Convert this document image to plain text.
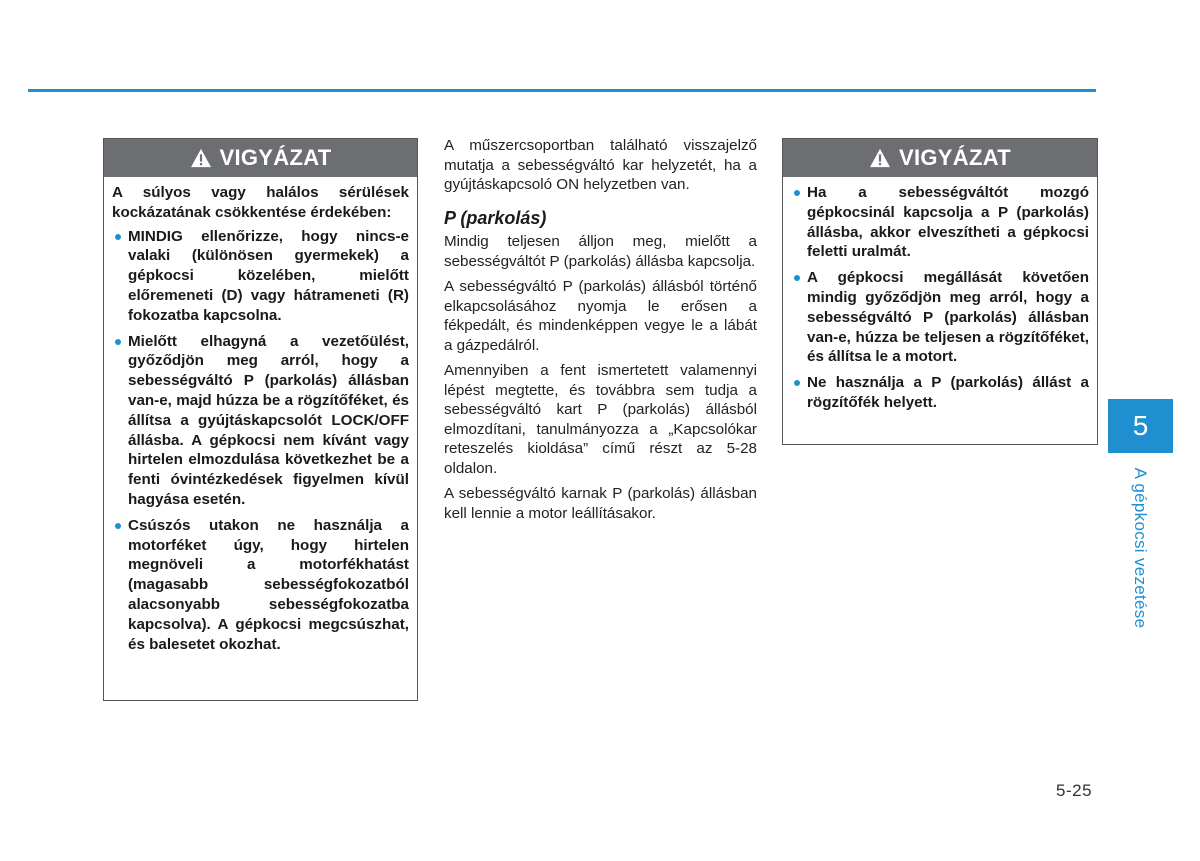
VIGYÁZAT

A súlyos vagy halálos sérülések kockázatának csökkentése érdekében:

MINDIG ellenőrizze, hogy nincs-e valaki (különösen gyermekek) a gépkocsi közelében, mielőtt előremeneti (D) vagy hátrameneti (R) fokozatba kapcsolna.
Mielőtt elhagyná a vezetőülést, győződjön meg arról, hogy a sebességváltó P (parkolás) állásban van-e, majd húzza be a rögzítőféket, és állítsa a gyújtáskapcsolót LOCK/OFF állásba. A gépkocsi nem kívánt vagy hirtelen elmozdulása következhet be a fenti óvintézkedések figyelmen kívül hagyása esetén.
Csúszós utakon ne használja a motorféket úgy, hogy hirtelen megnöveli a motorfékhatást (magasabb sebességfokozatból alacsonyabb sebességfokozatba kapcsolva). A gépkocsi megcsúszhat, és balesetet okozhat.

A műszercsoportban található visszajelző mutatja a sebességváltó kar helyzetét, ha a gyújtáskapcsoló ON helyzetben van.

P (parkolás)

Mindig teljesen álljon meg, mielőtt a sebességváltót P (parkolás) állásba kapcsolja.

A sebességváltó P (parkolás) állásból történő elkapcsolásához nyomja le erősen a fékpedált, és mindenképpen vegye le a lábát a gázpedálról.

Amennyiben a fent ismertetett valamennyi lépést megtette, és továbbra sem tudja a sebességváltó kart P (parkolás) állásból elmozdítani, tanulmányozza a „Kapcsolókar reteszelés kioldása” című részt az 5-28 oldalon.

A sebességváltó karnak P (parkolás) állásban kell lennie a motor leállításakor.

VIGYÁZAT
Ha a sebességváltót mozgó gépkocsinál kapcsolja a P (parkolás) állásba, akkor elveszítheti a gépkocsi feletti uralmát.
A gépkocsi megállását követően mindig győződjön meg arról, hogy a sebességváltó P (parkolás) állásban van-e, húzza be teljesen a rögzítőféket, és állítsa le a motort.
Ne használja a P (parkolás) állást a rögzítőfék helyett.
5
A gépkocsi vezetése
5-25
